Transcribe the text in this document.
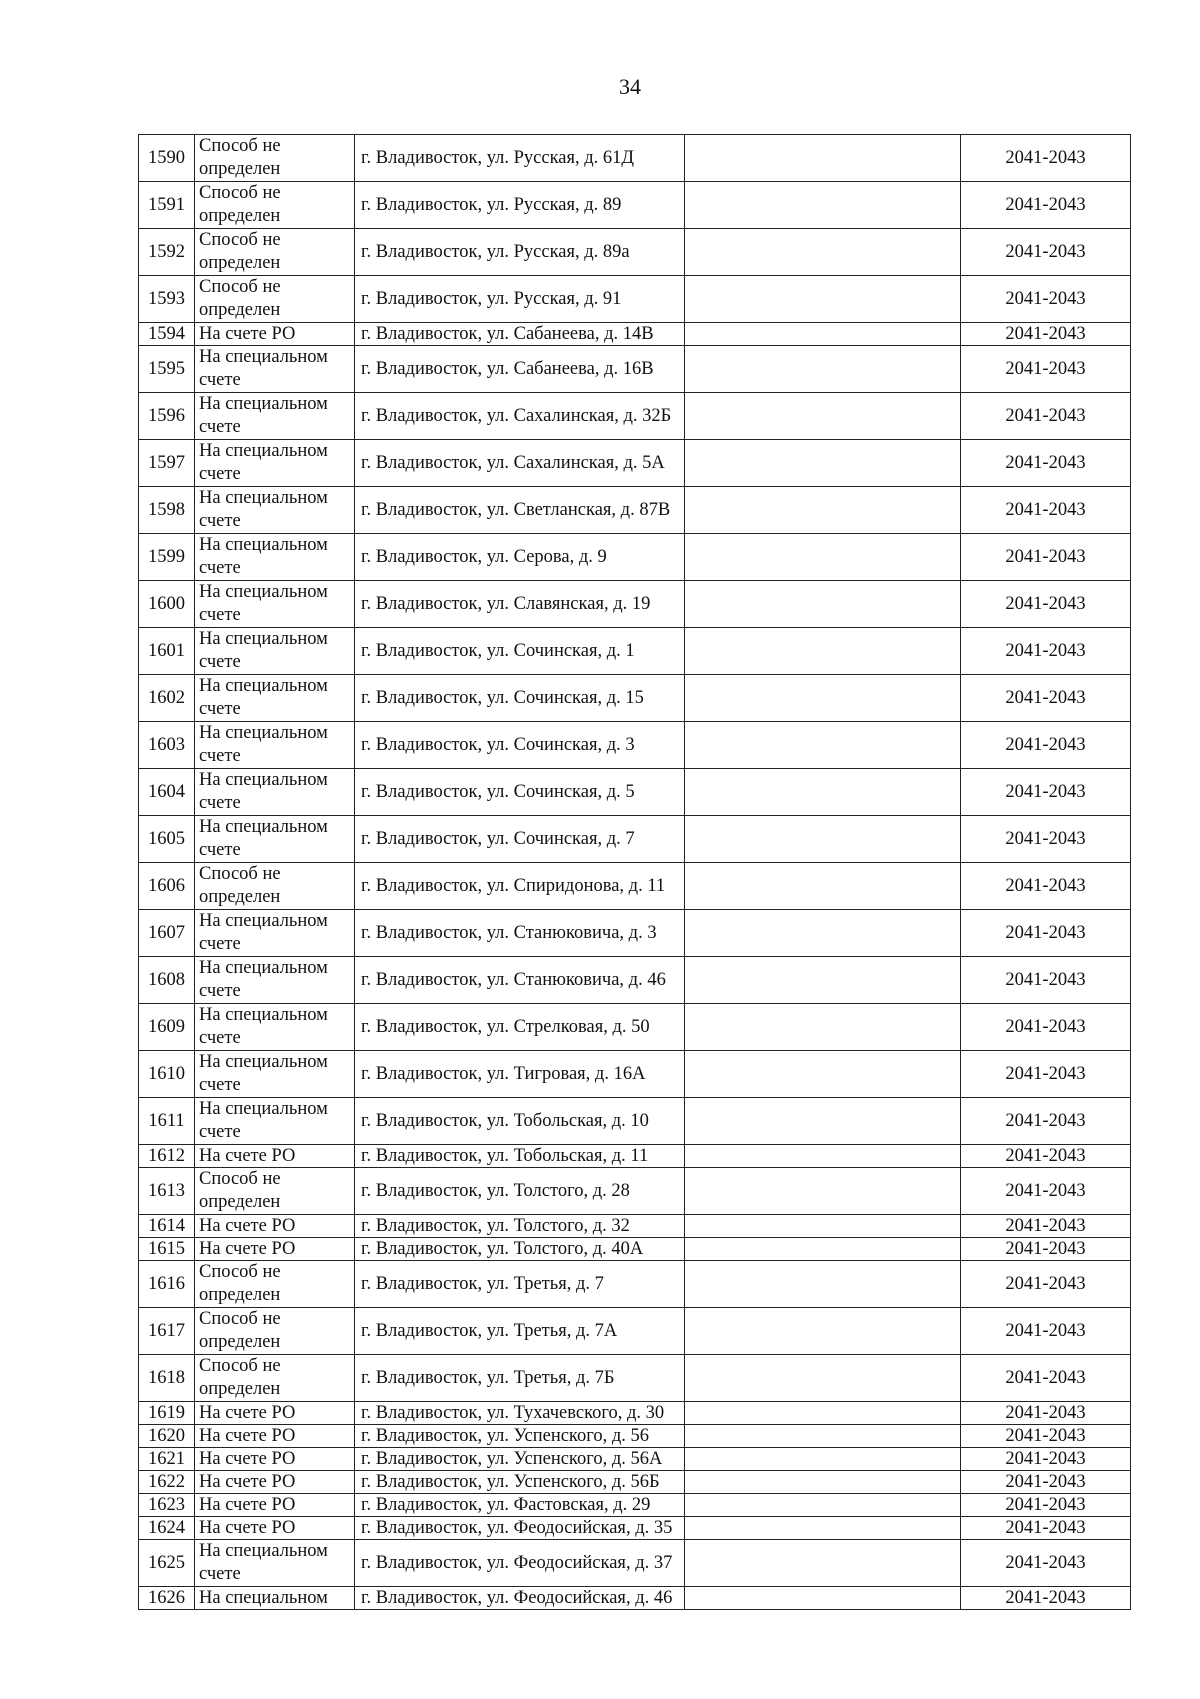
34
1590	Способ не определен	г. Владивосток, ул. Русская, д. 61Д		2041-2043
1591	Способ не определен	г. Владивосток, ул. Русская, д. 89		2041-2043
1592	Способ не определен	г. Владивосток, ул. Русская, д. 89а		2041-2043
1593	Способ не определен	г. Владивосток, ул. Русская, д. 91		2041-2043
1594	На счете РО	г. Владивосток, ул. Сабанеева, д. 14В		2041-2043
1595	На специальном счете	г. Владивосток, ул. Сабанеева, д. 16В		2041-2043
1596	На специальном счете	г. Владивосток, ул. Сахалинская, д. 32Б		2041-2043
1597	На специальном счете	г. Владивосток, ул. Сахалинская, д. 5А		2041-2043
1598	На специальном счете	г. Владивосток, ул. Светланская, д. 87В		2041-2043
1599	На специальном счете	г. Владивосток, ул. Серова, д. 9		2041-2043
1600	На специальном счете	г. Владивосток, ул. Славянская, д. 19		2041-2043
1601	На специальном счете	г. Владивосток, ул. Сочинская, д. 1		2041-2043
1602	На специальном счете	г. Владивосток, ул. Сочинская, д. 15		2041-2043
1603	На специальном счете	г. Владивосток, ул. Сочинская, д. 3		2041-2043
1604	На специальном счете	г. Владивосток, ул. Сочинская, д. 5		2041-2043
1605	На специальном счете	г. Владивосток, ул. Сочинская, д. 7		2041-2043
1606	Способ не определен	г. Владивосток, ул. Спиридонова, д. 11		2041-2043
1607	На специальном счете	г. Владивосток, ул. Станюковича, д. 3		2041-2043
1608	На специальном счете	г. Владивосток, ул. Станюковича, д. 46		2041-2043
1609	На специальном счете	г. Владивосток, ул. Стрелковая, д. 50		2041-2043
1610	На специальном счете	г. Владивосток, ул. Тигровая, д. 16А		2041-2043
1611	На специальном счете	г. Владивосток, ул. Тобольская, д. 10		2041-2043
1612	На счете РО	г. Владивосток, ул. Тобольская, д. 11		2041-2043
1613	Способ не определен	г. Владивосток, ул. Толстого, д. 28		2041-2043
1614	На счете РО	г. Владивосток, ул. Толстого, д. 32		2041-2043
1615	На счете РО	г. Владивосток, ул. Толстого, д. 40А		2041-2043
1616	Способ не определен	г. Владивосток, ул. Третья, д. 7		2041-2043
1617	Способ не определен	г. Владивосток, ул. Третья, д. 7А		2041-2043
1618	Способ не определен	г. Владивосток, ул. Третья, д. 7Б		2041-2043
1619	На счете РО	г. Владивосток, ул. Тухачевского, д. 30		2041-2043
1620	На счете РО	г. Владивосток, ул. Успенского, д. 56		2041-2043
1621	На счете РО	г. Владивосток, ул. Успенского, д. 56А		2041-2043
1622	На счете РО	г. Владивосток, ул. Успенского, д. 56Б		2041-2043
1623	На счете РО	г. Владивосток, ул. Фастовская, д. 29		2041-2043
1624	На счете РО	г. Владивосток, ул. Феодосийская, д. 35		2041-2043
1625	На специальном счете	г. Владивосток, ул. Феодосийская, д. 37		2041-2043
1626	На специальном	г. Владивосток, ул. Феодосийская, д. 46		2041-2043
